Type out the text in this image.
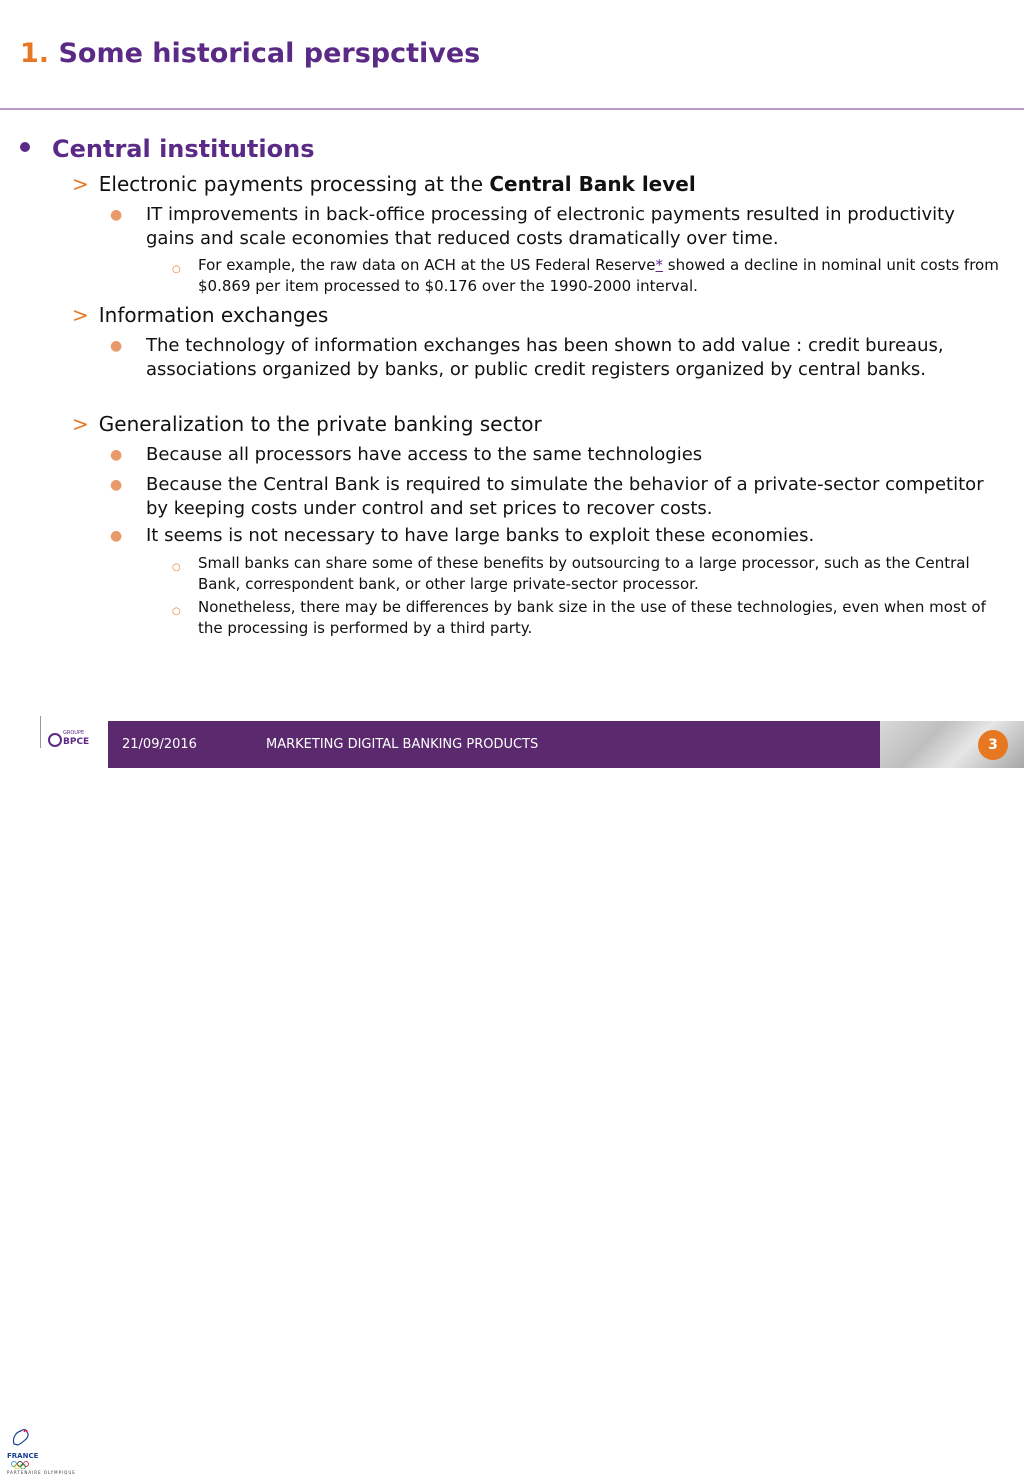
1. Some historical perspctives
Central institutions
> Electronic payments processing at the Central Bank level
●	IT improvements in back-office processing of electronic payments resulted in productivity gains and scale economies that reduced costs dramatically over time.
○	For example, the raw data on ACH at the US Federal Reserve* showed a decline in nominal unit costs from $0.869 per item processed to $0.176 over the 1990-2000 interval.
> Information exchanges
●	The technology of information exchanges has been shown to add value : credit bureaus, associations organized by banks, or public credit registers organized by central banks.
> Generalization to the private banking sector
●	Because all processors have access to the same technologies
●	Because the Central Bank is required to simulate the behavior of a private-sector competitor by keeping costs under control and set prices to recover costs.
●	It seems is not necessary to have large banks to exploit these economies.
○	Small banks can share some of these benefits by outsourcing to a large processor, such as the Central Bank, correspondent bank, or other large private-sector processor.
○	Nonetheless, there may be differences by bank size in the use of these technologies, even when most of the processing is performed by a third party.
FRANCE
PARTENAIRE OLYMPIQUE
GROUPE
BPCE	21/09/2016	MARKETING DIGITAL BANKING PRODUCTS	3
